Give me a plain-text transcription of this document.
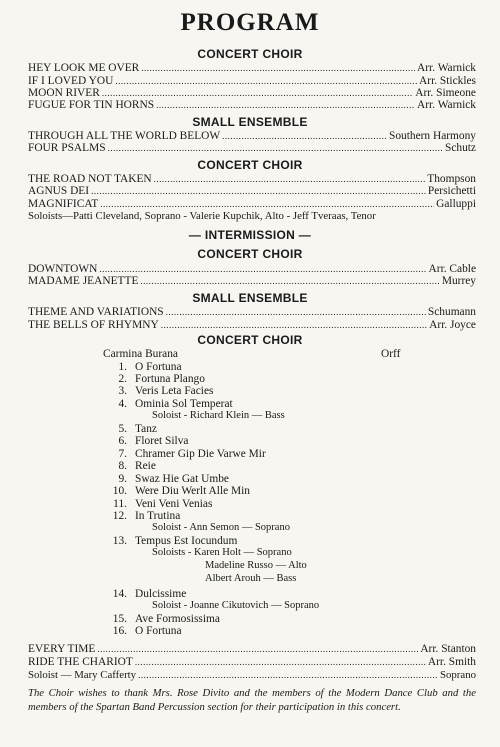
PROGRAM
CONCERT CHOIR
HEY LOOK ME OVER .....	Arr. Warnick
IF I LOVED YOU .....	Arr. Stickles
MOON RIVER .....	Arr. Simeone
FUGUE FOR TIN HORNS .....	Arr. Warnick
SMALL ENSEMBLE
THROUGH ALL THE WORLD BELOW .....	Southern Harmony
FOUR PSALMS .....	Schutz
CONCERT CHOIR
THE ROAD NOT TAKEN .....	Thompson
AGNUS DEI .....	Persichetti
MAGNIFICAT .....	Galluppi
Soloists—Patti Cleveland, Soprano - Valerie Kupchik, Alto - Jeff Tveraas, Tenor
— INTERMISSION —
CONCERT CHOIR
DOWNTOWN .....	Arr. Cable
MADAME JEANETTE .....	Murrey
SMALL ENSEMBLE
THEME AND VARIATIONS .....	Schumann
THE BELLS OF RHYMNY .....	Arr. Joyce
CONCERT CHOIR
Carmina Burana	Orff
1. O Fortuna
2. Fortuna Plango
3. Veris Leta Facies
4. Ominia Sol Temperat
Soloist - Richard Klein — Bass
5. Tanz
6. Floret Silva
7. Chramer Gip Die Varwe Mir
8. Reie
9. Swaz Hie Gat Umbe
10. Were Diu Werlt Alle Min
11. Veni Veni Venias
12. In Trutina
Soloist - Ann Semon — Soprano
13. Tempus Est Iocundum
Soloists - Karen Holt — Soprano
Madeline Russo — Alto
Albert Arouh — Bass
14. Dulcissime
Soloist - Joanne Cikutovich — Soprano
15. Ave Formosissima
16. O Fortuna
EVERY TIME .....	Arr. Stanton
RIDE THE CHARIOT .....	Arr. Smith
Soloist — Mary Cafferty .....	Soprano
The Choir wishes to thank Mrs. Rose Divito and the members of the Modern Dance Club and the members of the Spartan Band Percussion section for their participation in this concert.
